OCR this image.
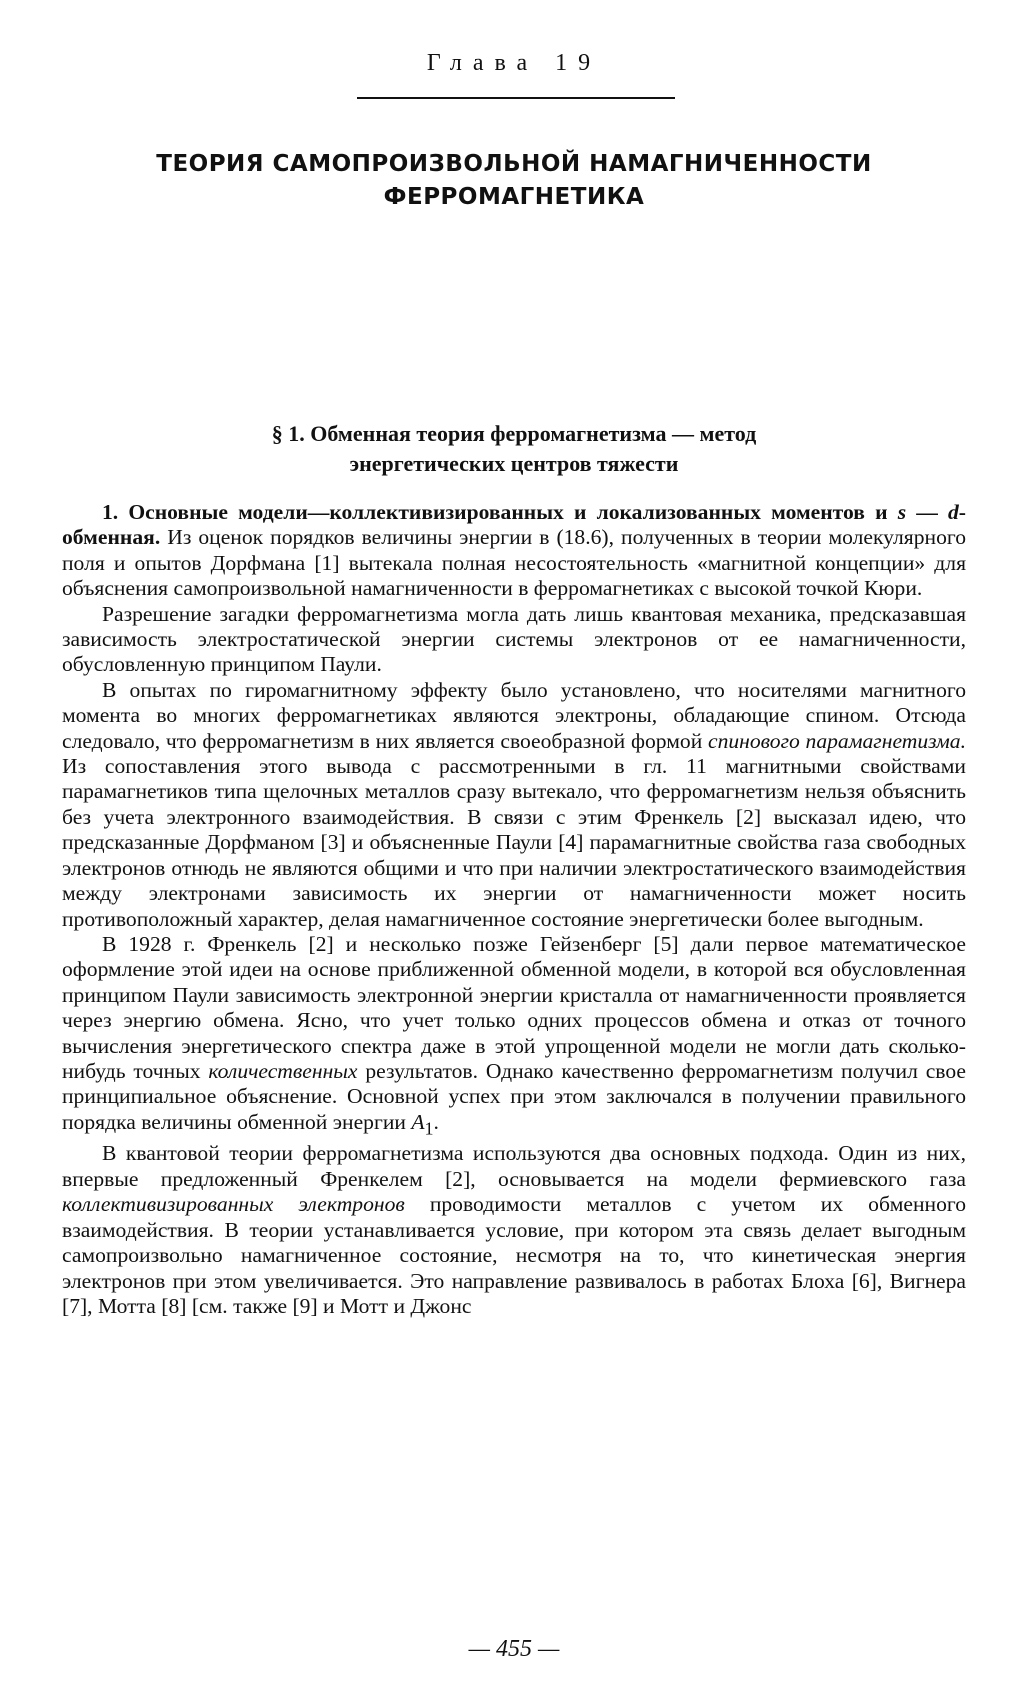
Глава 19
ТЕОРИЯ САМОПРОИЗВОЛЬНОЙ НАМАГНИЧЕННОСТИ
ФЕРРОМАГНЕТИКА
§ 1. Обменная теория ферромагнетизма — метод
энергетических центров тяжести

1. Основные модели—коллективизированных и локализованных моментов и s — d-обменная. Из оценок порядков величины энергии в (18.6), полученных в теории молекулярного поля и опытов Дорфмана [1] вытекала полная несостоятельность «магнитной концепции» для объяснения самопроизвольной намагниченности в ферромагнетиках с высокой точкой Кюри.

Разрешение загадки ферромагнетизма могла дать лишь квантовая механика, предсказавшая зависимость электростатической энергии системы электронов от ее намагниченности, обусловленную принципом Паули.

В опытах по гиромагнитному эффекту было установлено, что носителями магнитного момента во многих ферромагнетиках являются электроны, обладающие спином. Отсюда следовало, что ферромагнетизм в них является своеобразной формой спинового парамагнетизма. Из сопоставления этого вывода с рассмотренными в гл. 11 магнитными свойствами парамагнетиков типа щелочных металлов сразу вытекало, что ферромагнетизм нельзя объяснить без учета электронного взаимодействия. В связи с этим Френкель [2] высказал идею, что предсказанные Дорфманом [3] и объясненные Паули [4] парамагнитные свойства газа свободных электронов отнюдь не являются общими и что при наличии электростатического взаимодействия между электронами зависимость их энергии от намагниченности может носить противоположный характер, делая намагниченное состояние энергетически более выгодным.

В 1928 г. Френкель [2] и несколько позже Гейзенберг [5] дали первое математическое оформление этой идеи на основе приближенной обменной модели, в которой вся обусловленная принципом Паули зависимость электронной энергии кристалла от намагниченности проявляется через энергию обмена. Ясно, что учет только одних процессов обмена и отказ от точного вычисления энергетического спектра даже в этой упрощенной модели не могли дать сколько-нибудь точных количественных результатов. Однако качественно ферромагнетизм получил свое принципиальное объяснение. Основной успех при этом заключался в получении правильного порядка величины обменной энергии $A_1$.

В квантовой теории ферромагнетизма используются два основных подхода. Один из них, впервые предложенный Френкелем [2], основывается на модели фермиевского газа коллективизированных электронов проводимости металлов с учетом их обменного взаимодействия. В теории устанавливается условие, при котором эта связь делает выгодным самопроизвольно намагниченное состояние, несмотря на то, что кинетическая энергия электронов при этом увеличивается. Это направление развивалось в работах Блоха [6], Вигнера [7], Мотта [8] [см. также [9] и Мотт и Джонс

— 455 —
